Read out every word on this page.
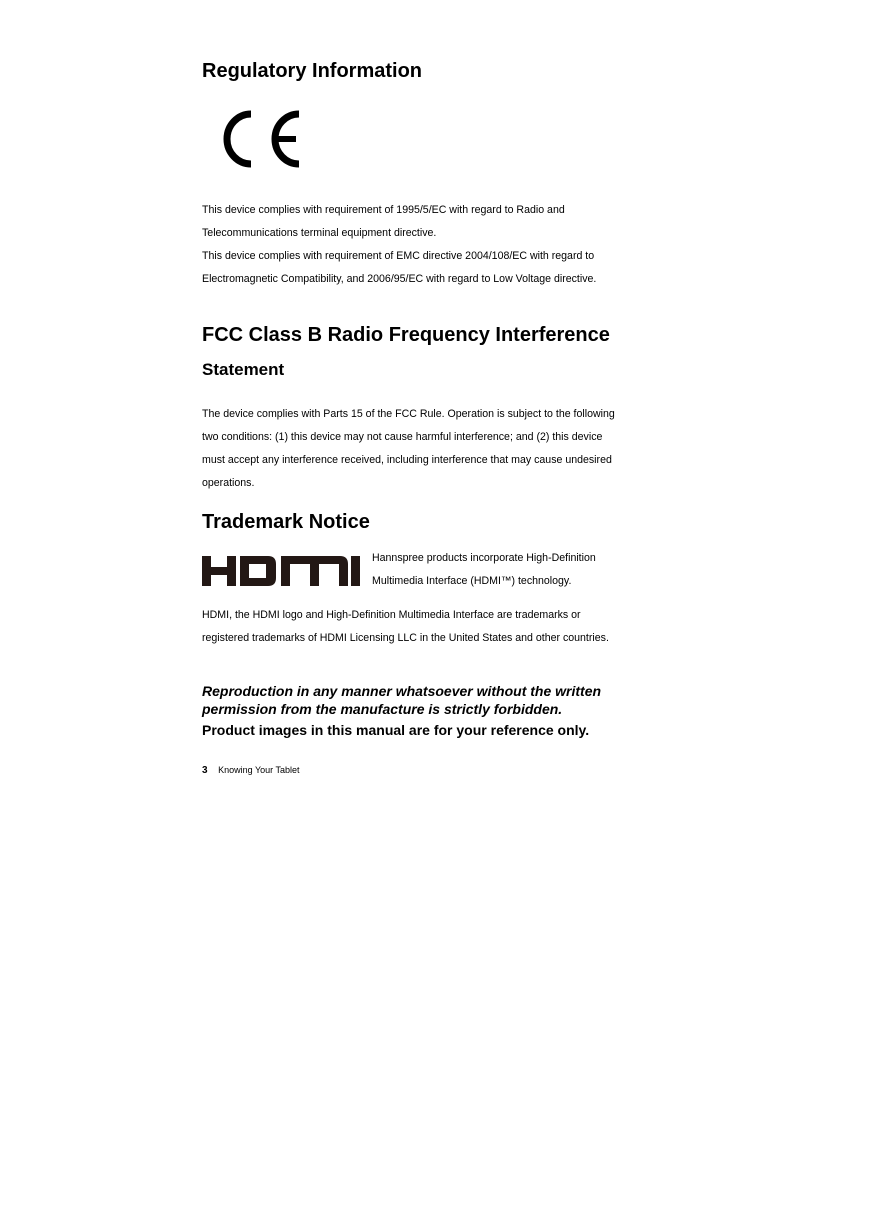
Regulatory Information
This device complies with requirement of 1995/5/EC with regard to Radio and
Telecommunications terminal equipment directive.
This device complies with requirement of EMC directive 2004/108/EC with regard to
Electromagnetic Compatibility, and 2006/95/EC with regard to Low Voltage directive.
FCC Class B Radio Frequency Interference
Statement
The device complies with Parts 15 of the FCC Rule. Operation is subject to the following
two conditions: (1) this device may not cause harmful interference; and (2) this device
must accept any interference received, including interference that may cause undesired
operations.
Trademark Notice
Hannspree products incorporate High-Definition
Multimedia Interface (HDMI™) technology.
HDMI, the HDMI logo and High-Definition Multimedia Interface are trademarks or
registered trademarks of HDMI Licensing LLC in the United States and other countries.
Reproduction in any manner whatsoever without the written
permission from the manufacture is strictly forbidden.
Product images in this manual are for your reference only.
3 Knowing Your Tablet
